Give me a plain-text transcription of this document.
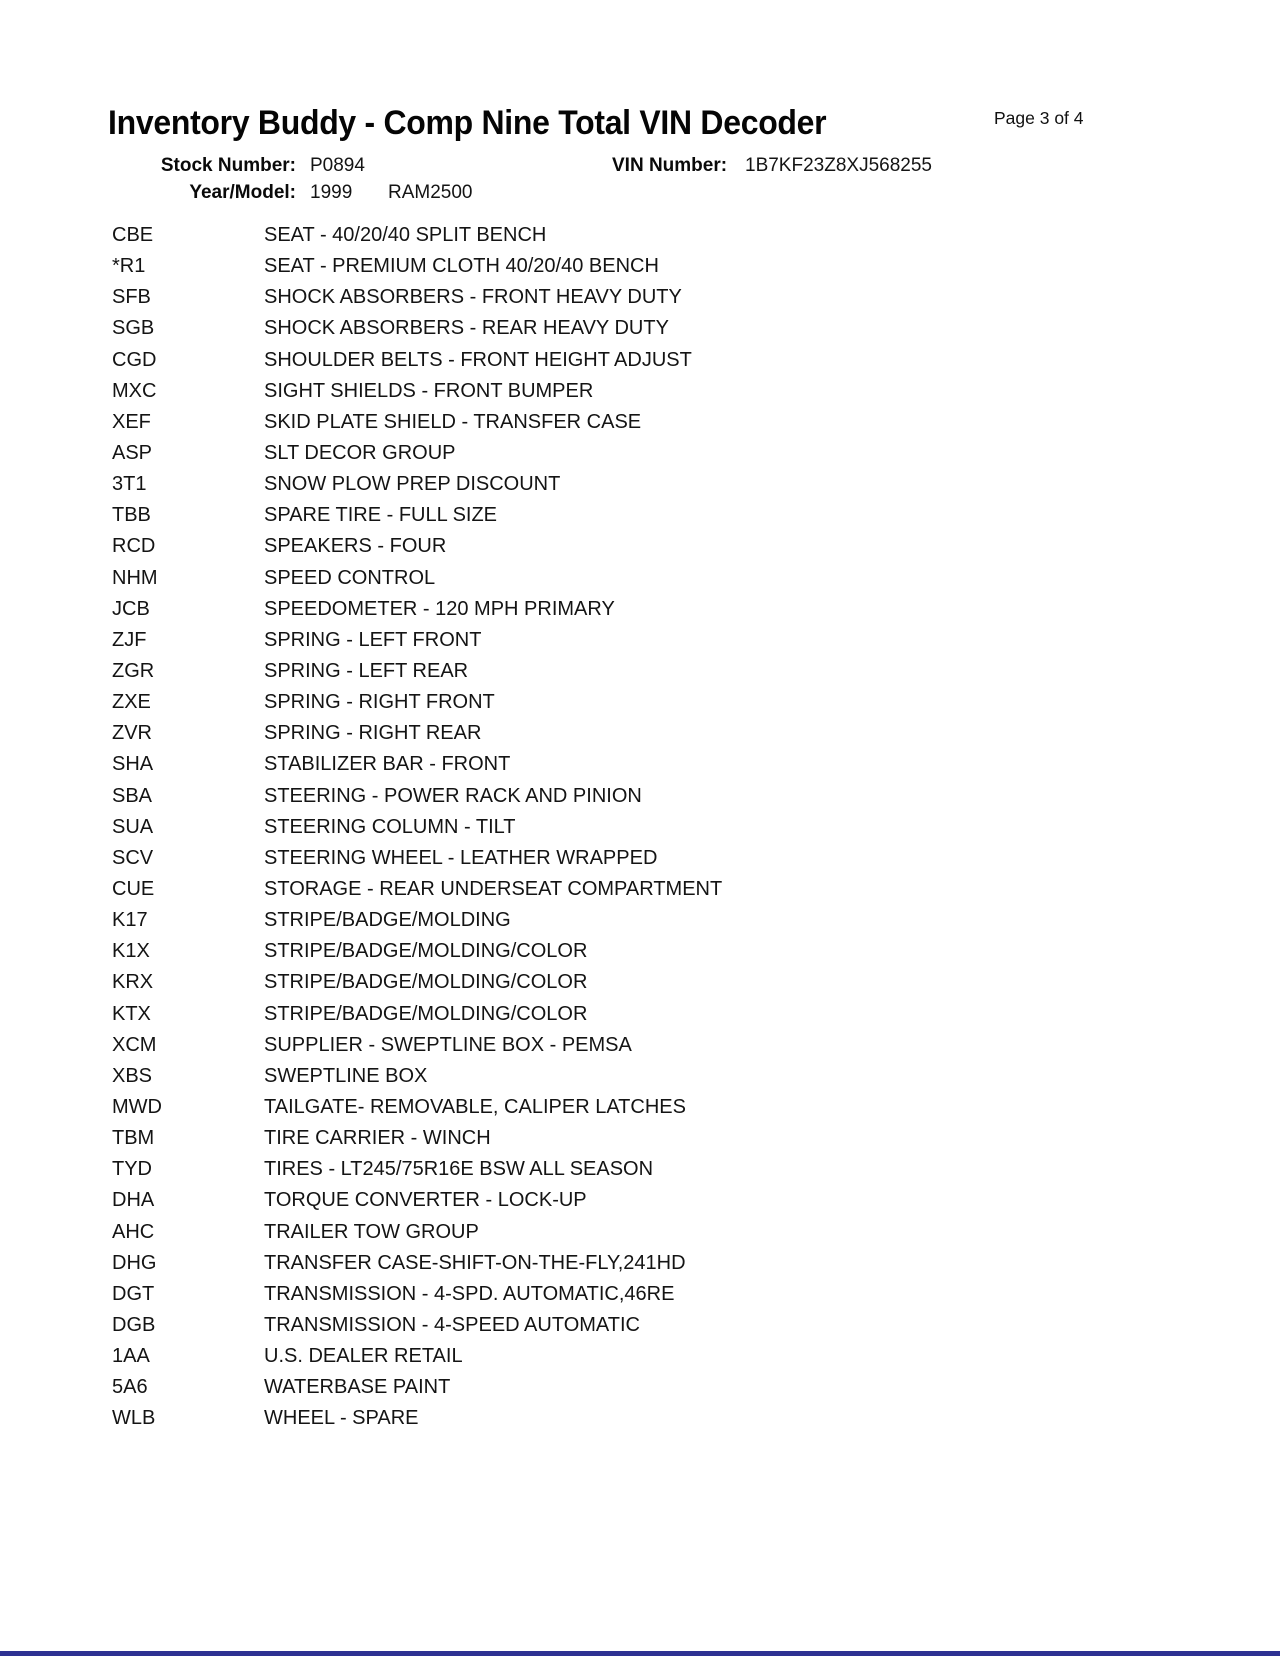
Inventory Buddy - Comp Nine Total VIN Decoder	Page 3 of 4
Stock Number: P0894	VIN Number: 1B7KF23Z8XJ568255
Year/Model: 1999 RAM2500
CBE	SEAT - 40/20/40 SPLIT BENCH
*R1	SEAT - PREMIUM CLOTH 40/20/40 BENCH
SFB	SHOCK ABSORBERS - FRONT HEAVY DUTY
SGB	SHOCK ABSORBERS - REAR HEAVY DUTY
CGD	SHOULDER BELTS - FRONT HEIGHT ADJUST
MXC	SIGHT SHIELDS - FRONT BUMPER
XEF	SKID PLATE SHIELD - TRANSFER CASE
ASP	SLT DECOR GROUP
3T1	SNOW PLOW PREP DISCOUNT
TBB	SPARE TIRE - FULL SIZE
RCD	SPEAKERS - FOUR
NHM	SPEED CONTROL
JCB	SPEEDOMETER - 120 MPH PRIMARY
ZJF	SPRING - LEFT FRONT
ZGR	SPRING - LEFT REAR
ZXE	SPRING - RIGHT FRONT
ZVR	SPRING - RIGHT REAR
SHA	STABILIZER BAR - FRONT
SBA	STEERING - POWER RACK AND PINION
SUA	STEERING COLUMN - TILT
SCV	STEERING WHEEL - LEATHER WRAPPED
CUE	STORAGE - REAR UNDERSEAT COMPARTMENT
K17	STRIPE/BADGE/MOLDING
K1X	STRIPE/BADGE/MOLDING/COLOR
KRX	STRIPE/BADGE/MOLDING/COLOR
KTX	STRIPE/BADGE/MOLDING/COLOR
XCM	SUPPLIER - SWEPTLINE BOX - PEMSA
XBS	SWEPTLINE BOX
MWD	TAILGATE- REMOVABLE, CALIPER LATCHES
TBM	TIRE CARRIER - WINCH
TYD	TIRES - LT245/75R16E BSW ALL SEASON
DHA	TORQUE CONVERTER - LOCK-UP
AHC	TRAILER TOW GROUP
DHG	TRANSFER CASE-SHIFT-ON-THE-FLY,241HD
DGT	TRANSMISSION - 4-SPD. AUTOMATIC,46RE
DGB	TRANSMISSION - 4-SPEED AUTOMATIC
1AA	U.S. DEALER RETAIL
5A6	WATERBASE PAINT
WLB	WHEEL - SPARE
